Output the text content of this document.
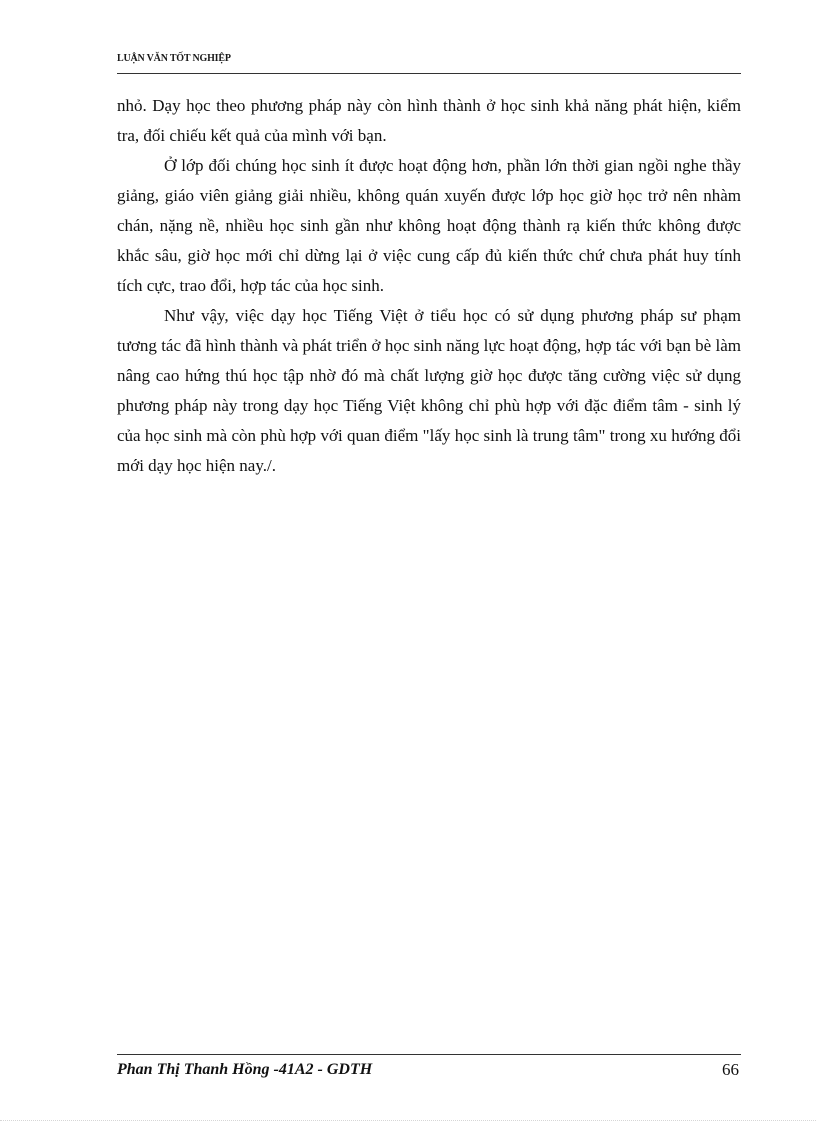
LUẬN VĂN TỐT NGHIỆP

nhỏ. Dạy học theo phương pháp này còn hình thành ở học sinh khả năng phát hiện, kiểm tra, đối chiếu kết quả của mình với bạn.

Ở lớp đối chúng học sinh ít được hoạt động hơn, phần lớn thời gian ngồi nghe thầy giảng, giáo viên giảng giải nhiều, không quán xuyến được lớp học giờ học trở nên nhàm chán, nặng nề, nhiều học sinh gần như không hoạt động thành rạ kiến thức không được khắc sâu, giờ học mới chỉ dừng lại ở việc cung cấp đủ kiến thức chứ chưa phát huy tính tích cực, trao đổi, hợp tác của học sinh.

Như vậy, việc dạy học Tiếng Việt ở tiểu học có sử dụng phương pháp sư phạm tương tác đã hình thành và phát triển ở học sinh năng lực hoạt động, hợp tác với bạn bè làm nâng cao hứng thú học tập nhờ đó mà chất lượng giờ học được tăng cường việc sử dụng phương pháp này trong dạy học Tiếng Việt không chỉ phù hợp với đặc điểm tâm - sinh lý của học sinh mà còn phù hợp với quan điểm "lấy học sinh là trung tâm" trong xu hướng đổi mới dạy học hiện nay./.

Phan Thị Thanh Hồng -41A2 - GDTH	66
